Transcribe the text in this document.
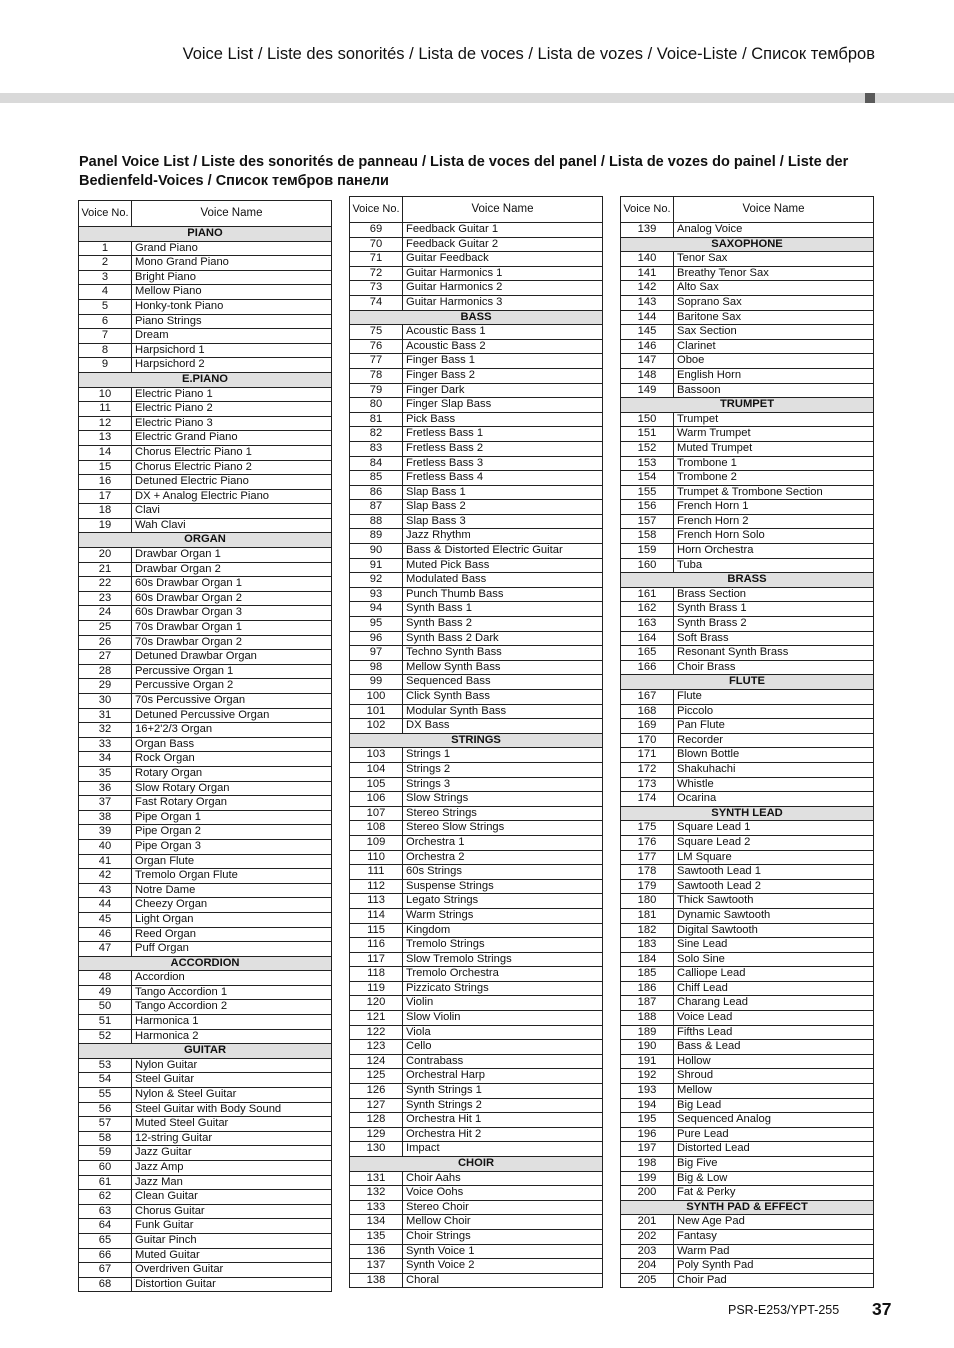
Voice List / Liste des sonorités / Lista de voces / Lista de vozes / Voice-Liste / Список тембров
Panel Voice List / Liste des sonorités de panneau / Lista de voces del panel / Lista de vozes do painel / Liste der Bedienfeld-Voices / Список тембров панели
Voice No.	Voice Name
PIANO	
1	Grand Piano
2	Mono Grand Piano
3	Bright Piano
4	Mellow Piano
5	Honky-tonk Piano
6	Piano Strings
7	Dream
8	Harpsichord 1
9	Harpsichord 2
E.PIANO	
10	Electric Piano 1
11	Electric Piano 2
12	Electric Piano 3
13	Electric Grand Piano
14	Chorus Electric Piano 1
15	Chorus Electric Piano 2
16	Detuned Electric Piano
17	DX + Analog Electric Piano
18	Clavi
19	Wah Clavi
ORGAN	
20	Drawbar Organ 1
21	Drawbar Organ 2
22	60s Drawbar Organ 1
23	60s Drawbar Organ 2
24	60s Drawbar Organ 3
25	70s Drawbar Organ 1
26	70s Drawbar Organ 2
27	Detuned Drawbar Organ
28	Percussive Organ 1
29	Percussive Organ 2
30	70s Percussive Organ
31	Detuned Percussive Organ
32	16+2'2/3 Organ
33	Organ Bass
34	Rock Organ
35	Rotary Organ
36	Slow Rotary Organ
37	Fast Rotary Organ
38	Pipe Organ 1
39	Pipe Organ 2
40	Pipe Organ 3
41	Organ Flute
42	Tremolo Organ Flute
43	Notre Dame
44	Cheezy Organ
45	Light Organ
46	Reed Organ
47	Puff Organ
ACCORDION	
48	Accordion
49	Tango Accordion 1
50	Tango Accordion 2
51	Harmonica 1
52	Harmonica 2
GUITAR	
53	Nylon Guitar
54	Steel Guitar
55	Nylon & Steel Guitar
56	Steel Guitar with Body Sound
57	Muted Steel Guitar
58	12-string Guitar
59	Jazz Guitar
60	Jazz Amp
61	Jazz Man
62	Clean Guitar
63	Chorus Guitar
64	Funk Guitar
65	Guitar Pinch
66	Muted Guitar
67	Overdriven Guitar
68	Distortion Guitar
Voice No.	Voice Name
69	Feedback Guitar 1
70	Feedback Guitar 2
71	Guitar Feedback
72	Guitar Harmonics 1
73	Guitar Harmonics 2
74	Guitar Harmonics 3
BASS	
75	Acoustic Bass 1
76	Acoustic Bass 2
77	Finger Bass 1
78	Finger Bass 2
79	Finger Dark
80	Finger Slap Bass
81	Pick Bass
82	Fretless Bass 1
83	Fretless Bass 2
84	Fretless Bass 3
85	Fretless Bass 4
86	Slap Bass 1
87	Slap Bass 2
88	Slap Bass 3
89	Jazz Rhythm
90	Bass & Distorted Electric Guitar
91	Muted Pick Bass
92	Modulated Bass
93	Punch Thumb Bass
94	Synth Bass 1
95	Synth Bass 2
96	Synth Bass 2 Dark
97	Techno Synth Bass
98	Mellow Synth Bass
99	Sequenced Bass
100	Click Synth Bass
101	Modular Synth Bass
102	DX Bass
STRINGS	
103	Strings 1
104	Strings 2
105	Strings 3
106	Slow Strings
107	Stereo Strings
108	Stereo Slow Strings
109	Orchestra 1
110	Orchestra 2
111	60s Strings
112	Suspense Strings
113	Legato Strings
114	Warm Strings
115	Kingdom
116	Tremolo Strings
117	Slow Tremolo Strings
118	Tremolo Orchestra
119	Pizzicato Strings
120	Violin
121	Slow Violin
122	Viola
123	Cello
124	Contrabass
125	Orchestral Harp
126	Synth Strings 1
127	Synth Strings 2
128	Orchestra Hit 1
129	Orchestra Hit 2
130	Impact
CHOIR	
131	Choir Aahs
132	Voice Oohs
133	Stereo Choir
134	Mellow Choir
135	Choir Strings
136	Synth Voice 1
137	Synth Voice 2
138	Choral
Voice No.	Voice Name
139	Analog Voice
SAXOPHONE	
140	Tenor Sax
141	Breathy Tenor Sax
142	Alto Sax
143	Soprano Sax
144	Baritone Sax
145	Sax Section
146	Clarinet
147	Oboe
148	English Horn
149	Bassoon
TRUMPET	
150	Trumpet
151	Warm Trumpet
152	Muted Trumpet
153	Trombone 1
154	Trombone 2
155	Trumpet & Trombone Section
156	French Horn 1
157	French Horn 2
158	French Horn Solo
159	Horn Orchestra
160	Tuba
BRASS	
161	Brass Section
162	Synth Brass 1
163	Synth Brass 2
164	Soft Brass
165	Resonant Synth Brass
166	Choir Brass
FLUTE	
167	Flute
168	Piccolo
169	Pan Flute
170	Recorder
171	Blown Bottle
172	Shakuhachi
173	Whistle
174	Ocarina
SYNTH LEAD	
175	Square Lead 1
176	Square Lead 2
177	LM Square
178	Sawtooth Lead 1
179	Sawtooth Lead 2
180	Thick Sawtooth
181	Dynamic Sawtooth
182	Digital Sawtooth
183	Sine Lead
184	Solo Sine
185	Calliope Lead
186	Chiff Lead
187	Charang Lead
188	Voice Lead
189	Fifths Lead
190	Bass & Lead
191	Hollow
192	Shroud
193	Mellow
194	Big Lead
195	Sequenced Analog
196	Pure Lead
197	Distorted Lead
198	Big Five
199	Big & Low
200	Fat & Perky
SYNTH PAD & EFFECT	
201	New Age Pad
202	Fantasy
203	Warm Pad
204	Poly Synth Pad
205	Choir Pad
PSR-E253/YPT-255 37
